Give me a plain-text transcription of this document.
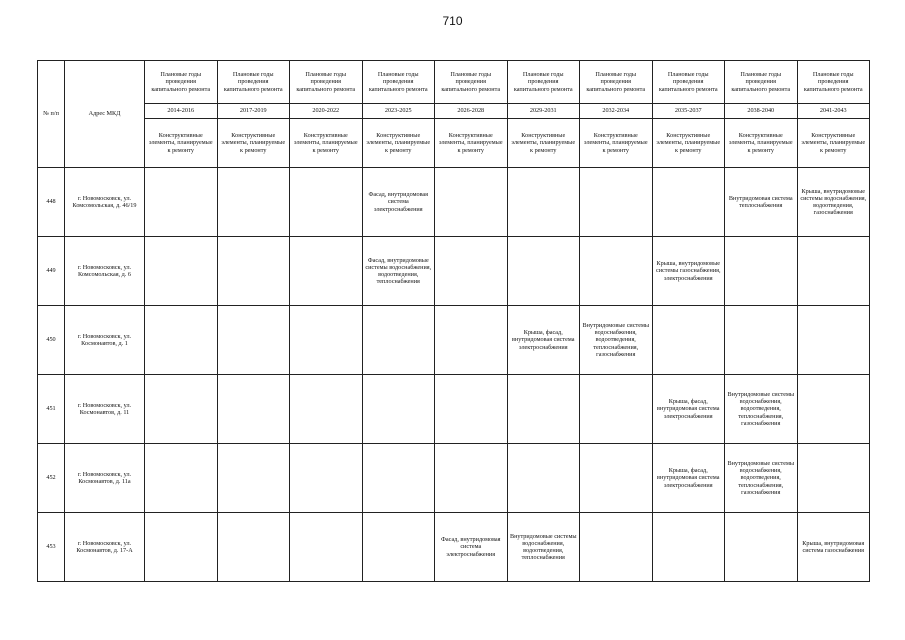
710
№ п/п	Адрес МКД	Плановые годы проведения капитального ремонта	Плановые годы проведения капитального ремонта	Плановые годы проведения капитального ремонта	Плановые годы проведения капитального ремонта	Плановые годы проведения капитального ремонта	Плановые годы проведения капитального ремонта	Плановые годы проведения капитального ремонта	Плановые годы проведения капитального ремонта	Плановые годы проведения капитального ремонта	Плановые годы проведения капитального ремонта
		2014-2016	2017-2019	2020-2022	2023-2025	2026-2028	2029-2031	2032-2034	2035-2037	2038-2040	2041-2043
		Конструктивные элементы, планируемые к ремонту	Конструктивные элементы, планируемые к ремонту	Конструктивные элементы, планируемые к ремонту	Конструктивные элементы, планируемые к ремонту	Конструктивные элементы, планируемые к ремонту	Конструктивные элементы, планируемые к ремонту	Конструктивные элементы, планируемые к ремонту	Конструктивные элементы, планируемые к ремонту	Конструктивные элементы, планируемые к ремонту	Конструктивные элементы, планируемые к ремонту
448	г. Новомосковск, ул. Комсомольская, д. 46/19				Фасад, внутридомовая система электроснабжения					Внутридомовая система теплоснабжения	Крыша, внутридомовые системы водоснабжения, водоотведения, газоснабжения
449	г. Новомосковск, ул. Комсомольская, д. 6				Фасад, внутридомовые системы водоснабжения, водоотведения, теплоснабжения				Крыша, внутридомовые системы газоснабжения, электроснабжения		
450	г. Новомосковск, ул. Космонавтов, д. 1						Крыша, фасад, внутридомовая система электроснабжения	Внутридомовые системы водоснабжения, водоотведения, теплоснабжения, газоснабжения			
451	г. Новомосковск, ул. Космонавтов, д. 11								Крыша, фасад, внутридомовая система электроснабжения	Внутридомовые системы водоснабжения, водоотведения, теплоснабжения, газоснабжения	
452	г. Новомосковск, ул. Космонавтов, д. 11а								Крыша, фасад, внутридомовая система электроснабжения	Внутридомовые системы водоснабжения, водоотведения, теплоснабжения, газоснабжения	
453	г. Новомосковск, ул. Космонавтов, д. 17-А					Фасад, внутридомовая система электроснабжения	Внутридомовые системы водоснабжения, водоотведения, теплоснабжения				Крыша, внутридомовая система газоснабжения
